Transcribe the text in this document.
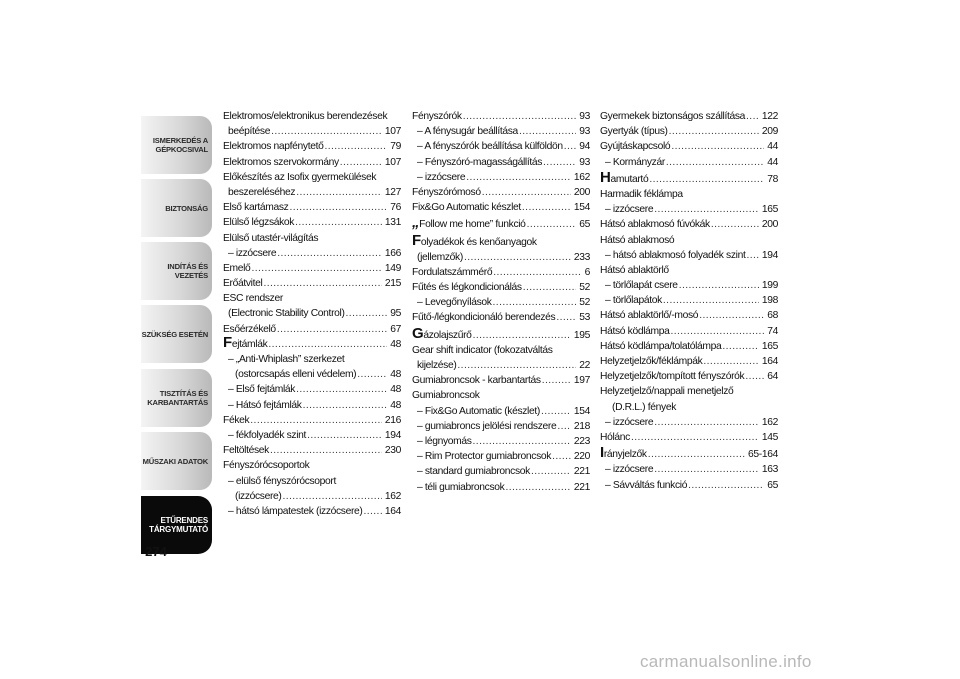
ISMERKEDÉS A
GÉPKOCSIVAL
BIZTONSÁG
INDÍTÁS ÉS VEZETÉS
SZÜKSÉG ESETÉN
TISZTÍTÁS ÉS
KARBANTARTÁS
MŰSZAKI ADATOK
ETŰRENDES
TÁRGYMUTATÓ
274
Elektromos/elektronikus berendezések
beépítése .....	107
Elektromos napfénytető .....	79
Elektromos szervokormány .....	107
Előkészítés az Isofix gyermekülések
beszereléséhez .....	127
Első kartámasz .....	76
Elülső légzsákok .....	131
Elülső utastér-világítás
– izzócsere .....	166
Emelő .....	149
Erőátvitel .....	215
ESC rendszer
(Electronic Stability Control) .....	95
Esőérzékelő .....	67
Fejtámlák .....	48
– „Anti-Whiplash” szerkezet
(ostorcsapás elleni védelem) .....	48
– Első fejtámlák .....	48
– Hátsó fejtámlák .....	48
Fékek .....	216
– fékfolyadék szint .....	194
Feltöltések .....	230
Fényszórócsoportok
– elülső fényszórócsoport
(izzócsere) .....	162
– hátsó lámpatestek (izzócsere) ..... 164
Fényszórók .....	93
– A fénysugár beállítása .....	93
– A fényszórók beállítása külföldön ..... 94
– Fényszóró-magasságállítás .....	93
– izzócsere .....	162
Fényszórómosó .....	200
Fix&Go Automatic készlet .....	154
„Follow me home” funkció .....	65
Folyadékok és kenőanyagok
(jellemzők) .....	233
Fordulatszámmérő .....	6
Fűtés és légkondicionálás .....	52
– Levegőnyílások .....	52
Fűtő-/légkondicionáló berendezés ..... 53
Gázolajszűrő .....	195
Gear shift indicator (fokozatváltás
kijelzése) .....	22
Gumiabroncsok - karbantartás .....	197
Gumiabroncsok
– Fix&Go Automatic (készlet) .....	154
– gumiabroncs jelölési rendszere ..... 218
– légnyomás .....	223
– Rim Protector gumiabroncsok ..... 220
– standard gumiabroncsok .....	221
– téli gumiabroncsok .....	221
Gyermekek biztonságos szállítása ..... 122
Gyertyák (típus) .....	209
Gyújtáskapcsoló .....	44
– Kormányzár .....	44
Hamutartó .....	78
Harmadik féklámpa
– izzócsere .....	165
Hátsó ablakmosó fúvókák .....	200
Hátsó ablakmosó
– hátsó ablakmosó folyadék szint ..... 194
Hátsó ablaktörlő
– törlőlapát csere .....	199
– törlőlapátok .....	198
Hátsó ablaktörlő/-mosó .....	68
Hátsó ködlámpa .....	74
Hátsó ködlámpa/tolatólámpa .....	165
Helyzetjelzők/féklámpák .....	164
Helyzetjelzők/tompított fényszórók ..... 64
Helyzetjelző/nappali menetjelző
(D.R.L.) fények
– izzócsere .....	162
Hólánc .....	145
Irányjelzők .....	65-164
– izzócsere .....	163
– Sávváltás funkció .....	65
carmanualsonline.info
